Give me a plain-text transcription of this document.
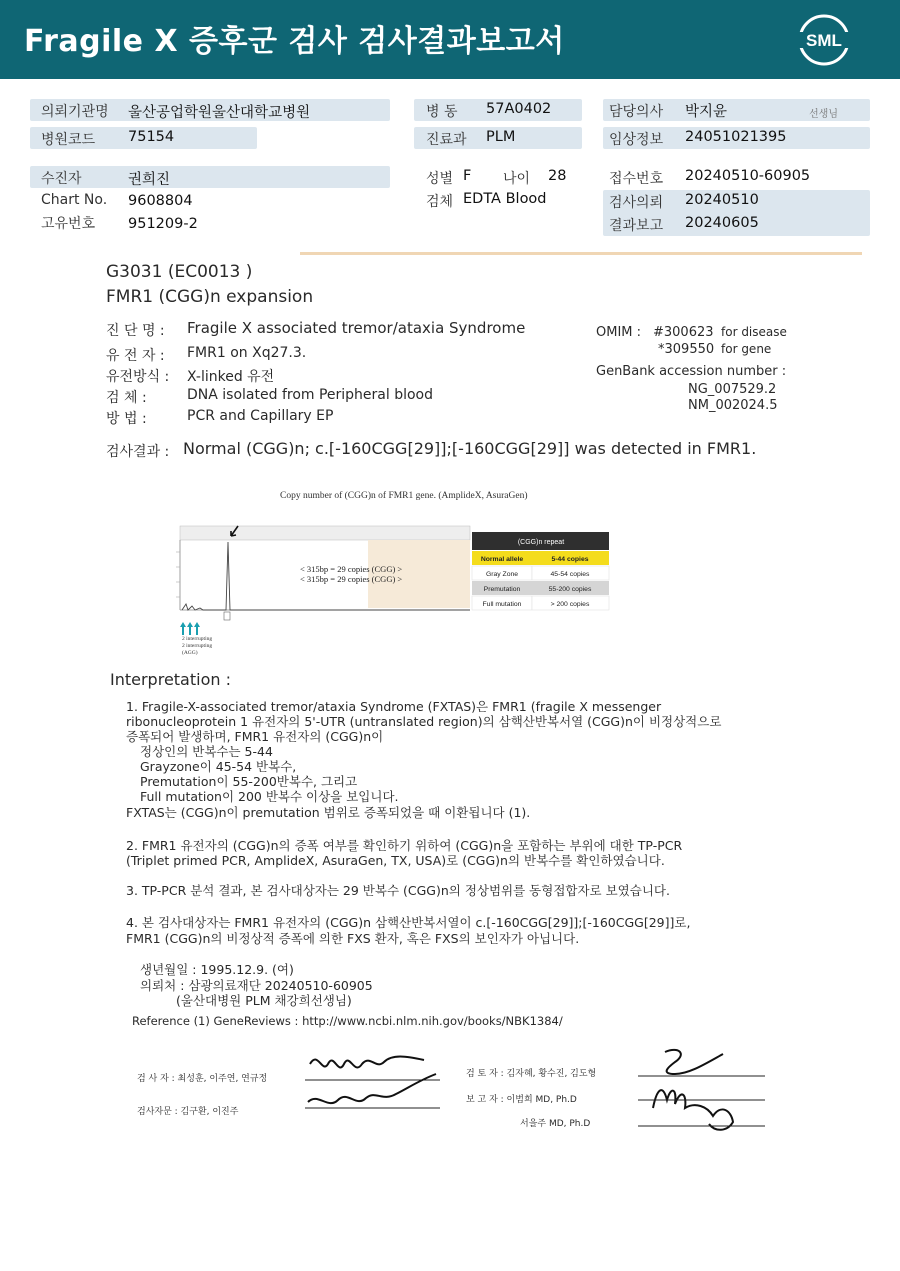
Fragile X 증후군 검사 검사결과보고서	SML
의뢰기관명 울산공업학원울산대학교병원
병원코드 75154
병 동 57A0402
진료과 PLM
담당의사 박지윤	선생님
임상정보 24051021395
수진자	권희진
Chart No. 9608804
고유번호 951209-2
성별 F 나이 28
검체 EDTA Blood
접수번호 20240510-60905
검사의뢰 20240510
결과보고 20240605
G3031 (EC0013 )
FMR1 (CGG)n expansion
진 단 명 : Fragile X associated tremor/ataxia Syndrome
유 전 자 : FMR1 on Xq27.3.
유전방식 : X-linked 유전
검 체 :	DNA isolated from Peripheral blood
방 법 :	PCR and Capillary EP
OMIM : #300623 for disease
*309550 for gene
GenBank accession number :
NG_007529.2
NM_002024.5
검사결과 : Normal (CGG)n; c.[-160CGG[29]];[-160CGG[29]] was detected in FMR1.
Copy number of (CGG)n of FMR1 gene. (AmplideX, AsuraGen)
< 315bp = 29 copies (CGG) >
< 315bp = 29 copies (CGG) >
2 interrupting
2 interrupting
(AGG)
(CGG)n repeat
Normal allele	5-44 copies
Gray Zone	45-54 copies
Premutation	55-200 copies
Full mutation	> 200 copies
Interpretation :
1. Fragile-X-associated tremor/ataxia Syndrome (FXTAS)은 FMR1 (fragile X messenger
ribonucleoprotein 1 유전자의 5'-UTR (untranslated region)의 삼핵산반복서열 (CGG)n이 비정상적으로
증폭되어 발생하며, FMR1 유전자의 (CGG)n이
정상인의 반복수는 5-44
Grayzone이 45-54 반복수,
Premutation이 55-200반복수, 그리고
Full mutation이 200 반복수 이상을 보입니다.
FXTAS는 (CGG)n이 premutation 범위로 증폭되었을 때 이환됩니다 (1).
2. FMR1 유전자의 (CGG)n의 증폭 여부를 확인하기 위하여 (CGG)n을 포함하는 부위에 대한 TP-PCR
(Triplet primed PCR, AmplideX, AsuraGen, TX, USA)로 (CGG)n의 반복수를 확인하였습니다.
3. TP-PCR 분석 결과, 본 검사대상자는 29 반복수 (CGG)n의 정상범위를 동형접합자로 보였습니다.
4. 본 검사대상자는 FMR1 유전자의 (CGG)n 삼핵산반복서열이 c.[-160CGG[29]];[-160CGG[29]]로,
FMR1 (CGG)n의 비정상적 증폭에 의한 FXS 환자, 혹은 FXS의 보인자가 아닙니다.
생년월일 : 1995.12.9. (여)
의뢰처 : 삼광의료재단 20240510-60905
(울산대병원 PLM 채강희선생님)
Reference (1) GeneReviews : http://www.ncbi.nlm.nih.gov/books/NBK1384/
검 사 자 : 최성훈, 이주연, 연규정
검사자문 : 김구환, 이진주
검 토 자 : 김자혜, 황수진, 김도형
보 고 자 : 이범희 MD, Ph.D
서을주 MD, Ph.D
